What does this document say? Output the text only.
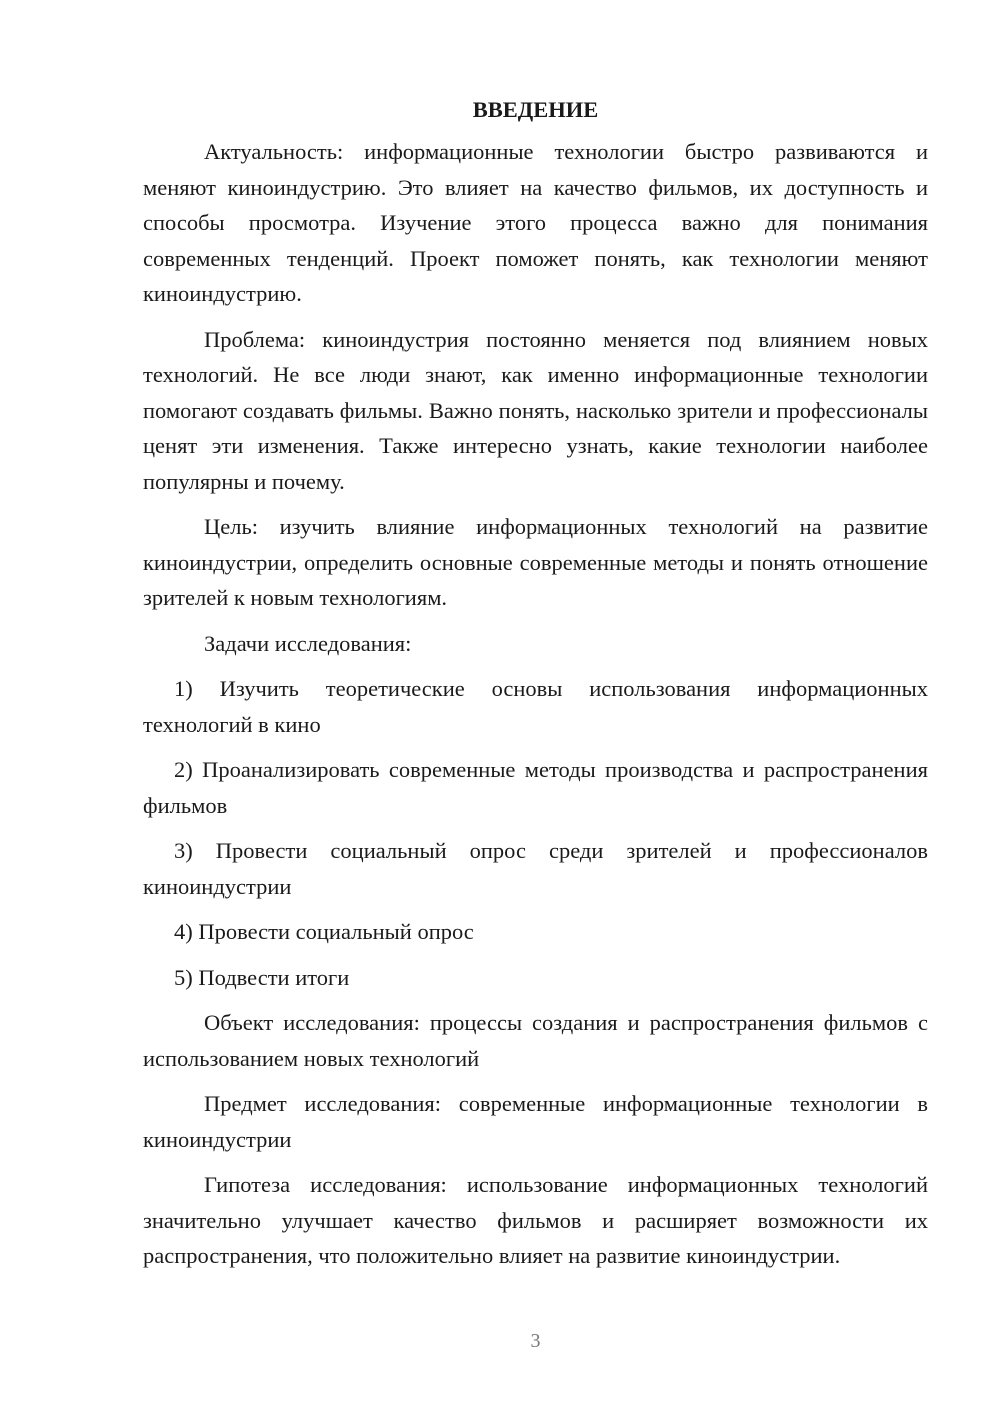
ВВЕДЕНИЕ

Актуальность: информационные технологии быстро развиваются и меняют киноиндустрию. Это влияет на качество фильмов, их доступность и способы просмотра. Изучение этого процесса важно для понимания современных тенденций. Проект поможет понять, как технологии меняют киноиндустрию.

Проблема: киноиндустрия постоянно меняется под влиянием новых технологий. Не все люди знают, как именно информационные технологии помогают создавать фильмы. Важно понять, насколько зрители и профессионалы ценят эти изменения. Также интересно узнать, какие технологии наиболее популярны и почему.

Цель: изучить влияние информационных технологий на развитие киноиндустрии, определить основные современные методы и понять отношение зрителей к новым технологиям.

Задачи исследования:

1) Изучить теоретические основы использования информационных технологий в кино

2) Проанализировать современные методы производства и распространения фильмов

3) Провести социальный опрос среди зрителей и профессионалов киноиндустрии

4) Провести социальный опрос

5) Подвести итоги

Объект исследования: процессы создания и распространения фильмов с использованием новых технологий

Предмет исследования: современные информационные технологии в киноиндустрии

Гипотеза исследования: использование информационных технологий значительно улучшает качество фильмов и расширяет возможности их распространения, что положительно влияет на развитие киноиндустрии.

3
